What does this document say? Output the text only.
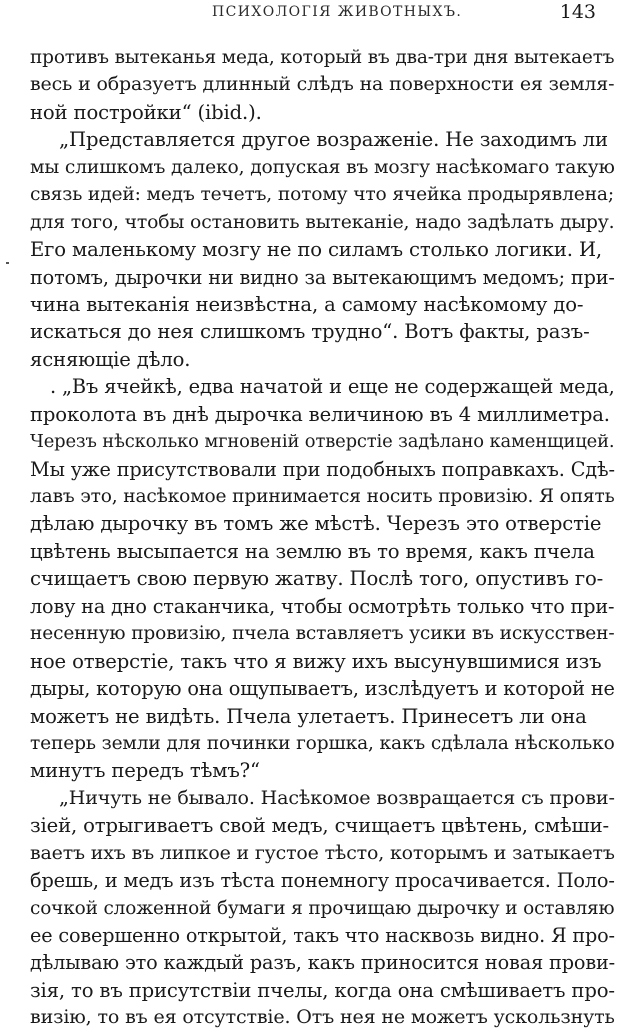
ПСИХОЛОГІЯ ЖИВОТНЫХЪ.	143
противъ вытеканья меда, который въ два-три дня вытекаетъ
весь и образуетъ длинный слѣдъ на поверхности ея земля-
ной постройки“ (ibid.).
„Представляется другое возраженіе. Не заходимъ ли
мы слишкомъ далеко, допуская въ мозгу насѣкомаго такую
связь идей: медъ течетъ, потому что ячейка продырявлена;
для того, чтобы остановить вытеканіе, надо задѣлать дыру.
Его маленькому мозгу не по силамъ столько логики. И,
потомъ, дырочки ни видно за вытекающимъ медомъ; при-
чина вытеканія неизвѣстна, а самому насѣкомому до-
искаться до нея слишкомъ трудно“. Вотъ факты, разъ-
ясняющіе дѣло.
. „Въ ячейкѣ, едва начатой и еще не содержащей меда,
проколота въ днѣ дырочка величиною въ 4 миллиметра.
Черезъ нѣсколько мгновеній отверстіе задѣлано каменщицей.
Мы уже присутствовали при подобныхъ поправкахъ. Сдѣ-
лавъ это, насѣкомое принимается носить провизію. Я опять
дѣлаю дырочку въ томъ же мѣстѣ. Черезъ это отверстіе
цвѣтень высыпается на землю въ то время, какъ пчела
счищаетъ свою первую жатву. Послѣ того, опустивъ го-
лову на дно стаканчика, чтобы осмотрѣть только что при-
несенную провизію, пчела вставляетъ усики въ искусствен-
ное отверстіе, такъ что я вижу ихъ высунувшимися изъ
дыры, которую она ощупываетъ, изслѣдуетъ и которой не
можетъ не видѣть. Пчела улетаетъ. Принесетъ ли она
теперь земли для починки горшка, какъ сдѣлала нѣсколько
минутъ передъ тѣмъ?“
„Ничуть не бывало. Насѣкомое возвращается съ прови-
зіей, отрыгиваетъ свой медъ, счищаетъ цвѣтень, смѣши-
ваетъ ихъ въ липкое и густое тѣсто, которымъ и затыкаетъ
брешь, и медъ изъ тѣста понемногу просачивается. Поло-
сочкой сложенной бумаги я прочищаю дырочку и оставляю
ее совершенно открытой, такъ что насквозь видно. Я про-
дѣлываю это каждый разъ, какъ приносится новая прови-
зія, то въ присутствіи пчелы, когда она смѣшиваетъ про-
визію, то въ ея отсутствіе. Отъ нея не можетъ ускользнуть
